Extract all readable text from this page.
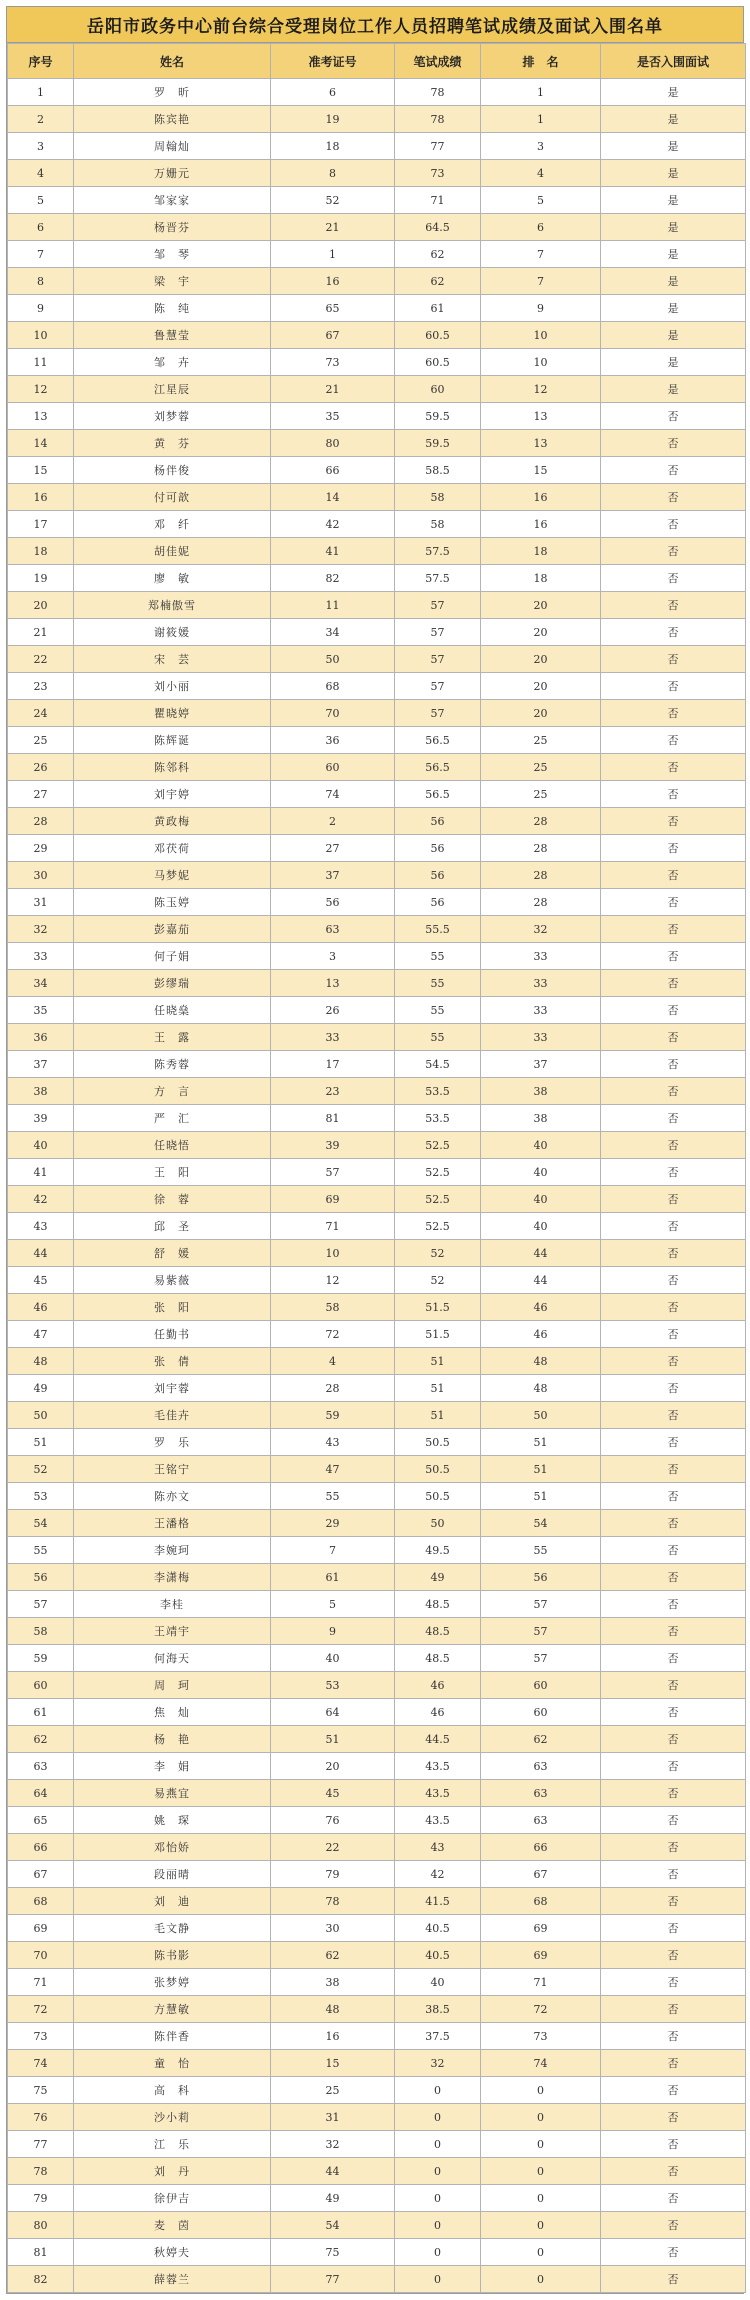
岳阳市政务中心前台综合受理岗位工作人员招聘笔试成绩及面试入围名单
序号	姓名	准考证号	笔试成绩	排　名	是否入围面试
1	罗　昕	6	78	1	是
2	陈宾艳	19	78	1	是
3	周翰灿	18	77	3	是
4	万姗元	8	73	4	是
5	邹家家	52	71	5	是
6	杨晋芬	21	64.5	6	是
7	邹　琴	1	62	7	是
8	梁　宇	16	62	7	是
9	陈　纯	65	61	9	是
10	鲁慧莹	67	60.5	10	是
11	邹　卉	73	60.5	10	是
12	江星辰	21	60	12	是
13	刘梦蓉	35	59.5	13	否
14	黄　芬	80	59.5	13	否
15	杨伴俊	66	58.5	15	否
16	付可歆	14	58	16	否
17	邓　纤	42	58	16	否
18	胡佳妮	41	57.5	18	否
19	廖　敏	82	57.5	18	否
20	郑楠傲雪	11	57	20	否
21	谢筱媛	34	57	20	否
22	宋　芸	50	57	20	否
23	刘小丽	68	57	20	否
24	瞿晓婷	70	57	20	否
25	陈辉诞	36	56.5	25	否
26	陈邻科	60	56.5	25	否
27	刘宇婷	74	56.5	25	否
28	黄政梅	2	56	28	否
29	邓茯荷	27	56	28	否
30	马梦妮	37	56	28	否
31	陈玉婷	56	56	28	否
32	彭嘉茄	63	55.5	32	否
33	何子娟	3	55	33	否
34	彭缪瑞	13	55	33	否
35	任晓燊	26	55	33	否
36	王　露	33	55	33	否
37	陈秀蓉	17	54.5	37	否
38	方　言	23	53.5	38	否
39	严　汇	81	53.5	38	否
40	任晓悟	39	52.5	40	否
41	王　阳	57	52.5	40	否
42	徐　蓉	69	52.5	40	否
43	邱　圣	71	52.5	40	否
44	舒　媛	10	52	44	否
45	易紫薇	12	52	44	否
46	张　阳	58	51.5	46	否
47	任勤书	72	51.5	46	否
48	张　倩	4	51	48	否
49	刘宇蓉	28	51	48	否
50	毛佳卉	59	51	50	否
51	罗　乐	43	50.5	51	否
52	王铭宁	47	50.5	51	否
53	陈亦文	55	50.5	51	否
54	王潘格	29	50	54	否
55	李婉珂	7	49.5	55	否
56	李潇梅	61	49	56	否
57	李桂	5	48.5	57	否
58	王靖宇	9	48.5	57	否
59	何海天	40	48.5	57	否
60	周　珂	53	46	60	否
61	焦　灿	64	46	60	否
62	杨　艳	51	44.5	62	否
63	李　娟	20	43.5	63	否
64	易燕宜	45	43.5	63	否
65	姚　琛	76	43.5	63	否
66	邓怡娇	22	43	66	否
67	段丽晴	79	42	67	否
68	刘　迪	78	41.5	68	否
69	毛文静	30	40.5	69	否
70	陈书影	62	40.5	69	否
71	张梦婷	38	40	71	否
72	方慧敏	48	38.5	72	否
73	陈伴香	16	37.5	73	否
74	童　怡	15	32	74	否
75	高　科	25	0	0	否
76	沙小莉	31	0	0	否
77	江　乐	32	0	0	否
78	刘　丹	44	0	0	否
79	徐伊吉	49	0	0	否
80	麦　茵	54	0	0	否
81	秋婷夫	75	0	0	否
82	薛蓉兰	77	0	0	否
